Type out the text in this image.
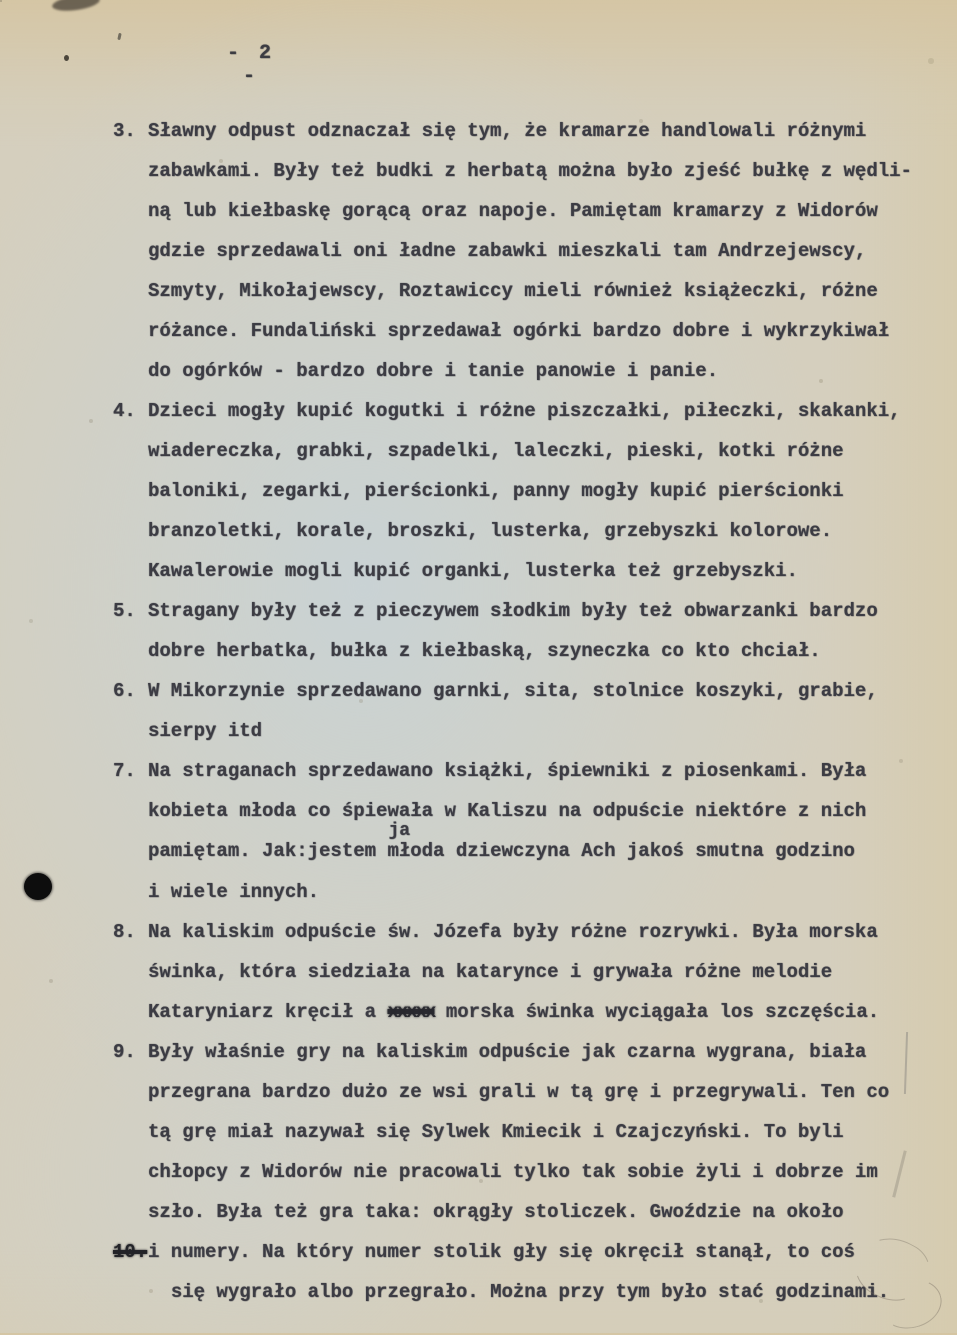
- 2 -
3. Sławny odpust odznaczał się tym, że kramarze handlowali różnymi
zabawkami. Były też budki z herbatą można było zjeść bułkę z wędli-
ną lub kiełbaskę gorącą oraz napoje. Pamiętam kramarzy z Widorów
gdzie sprzedawali oni ładne zabawki mieszkali tam Andrzejewscy,
Szmyty, Mikołajewscy, Roztawiccy mieli również książeczki, różne
różance. Fundaliński sprzedawał ogórki bardzo dobre i wykrzykiwał
do ogórków - bardzo dobre i tanie panowie i panie.
4. Dzieci mogły kupić kogutki i różne piszczałki, piłeczki, skakanki,
wiadereczka, grabki, szpadelki, laleczki, pieski, kotki różne
baloniki, zegarki, pierścionki, panny mogły kupić pierścionki
branzoletki, korale, broszki, lusterka, grzebyszki kolorowe.
Kawalerowie mogli kupić organki, lusterka też grzebyszki.
5. Stragany były też z pieczywem słodkim były też obwarzanki bardzo
dobre herbatka, bułka z kiełbaską, szyneczka co kto chciał.
6. W Mikorzynie sprzedawano garnki, sita, stolnice koszyki, grabie,
sierpy itd
7. Na straganach sprzedawano książki, śpiewniki z piosenkami. Była
kobieta młoda co śpiewała w Kaliszu na odpuście niektóre z nich
pamiętam. Jak:jestem jamłoda dziewczyna Ach jakoś smutna godzino
i wiele innych.
8. Na kaliskim odpuście św. Józefa były różne rozrywki. Była morska
świnka, która siedziała na katarynce i grywała różne melodie
Kataryniarz kręcił a xxxxx morska świnka wyciągała los szczęścia.
9. Były właśnie gry na kaliskim odpuście jak czarna wygrana, biała
przegrana bardzo dużo ze wsi grali w tą grę i przegrywali. Ten co
tą grę miał nazywał się Sylwek Kmiecik i Czajczyński. To byli
chłopcy z Widorów nie pracowali tylko tak sobie żyli i dobrze im
szło. Była też gra taka: okrągły stoliczek. Gwoździe na około
10. i numery. Na który numer stolik gły się okręcił stanął, to coś
się wygrało albo przegrało. Można przy tym było stać godzinami.
